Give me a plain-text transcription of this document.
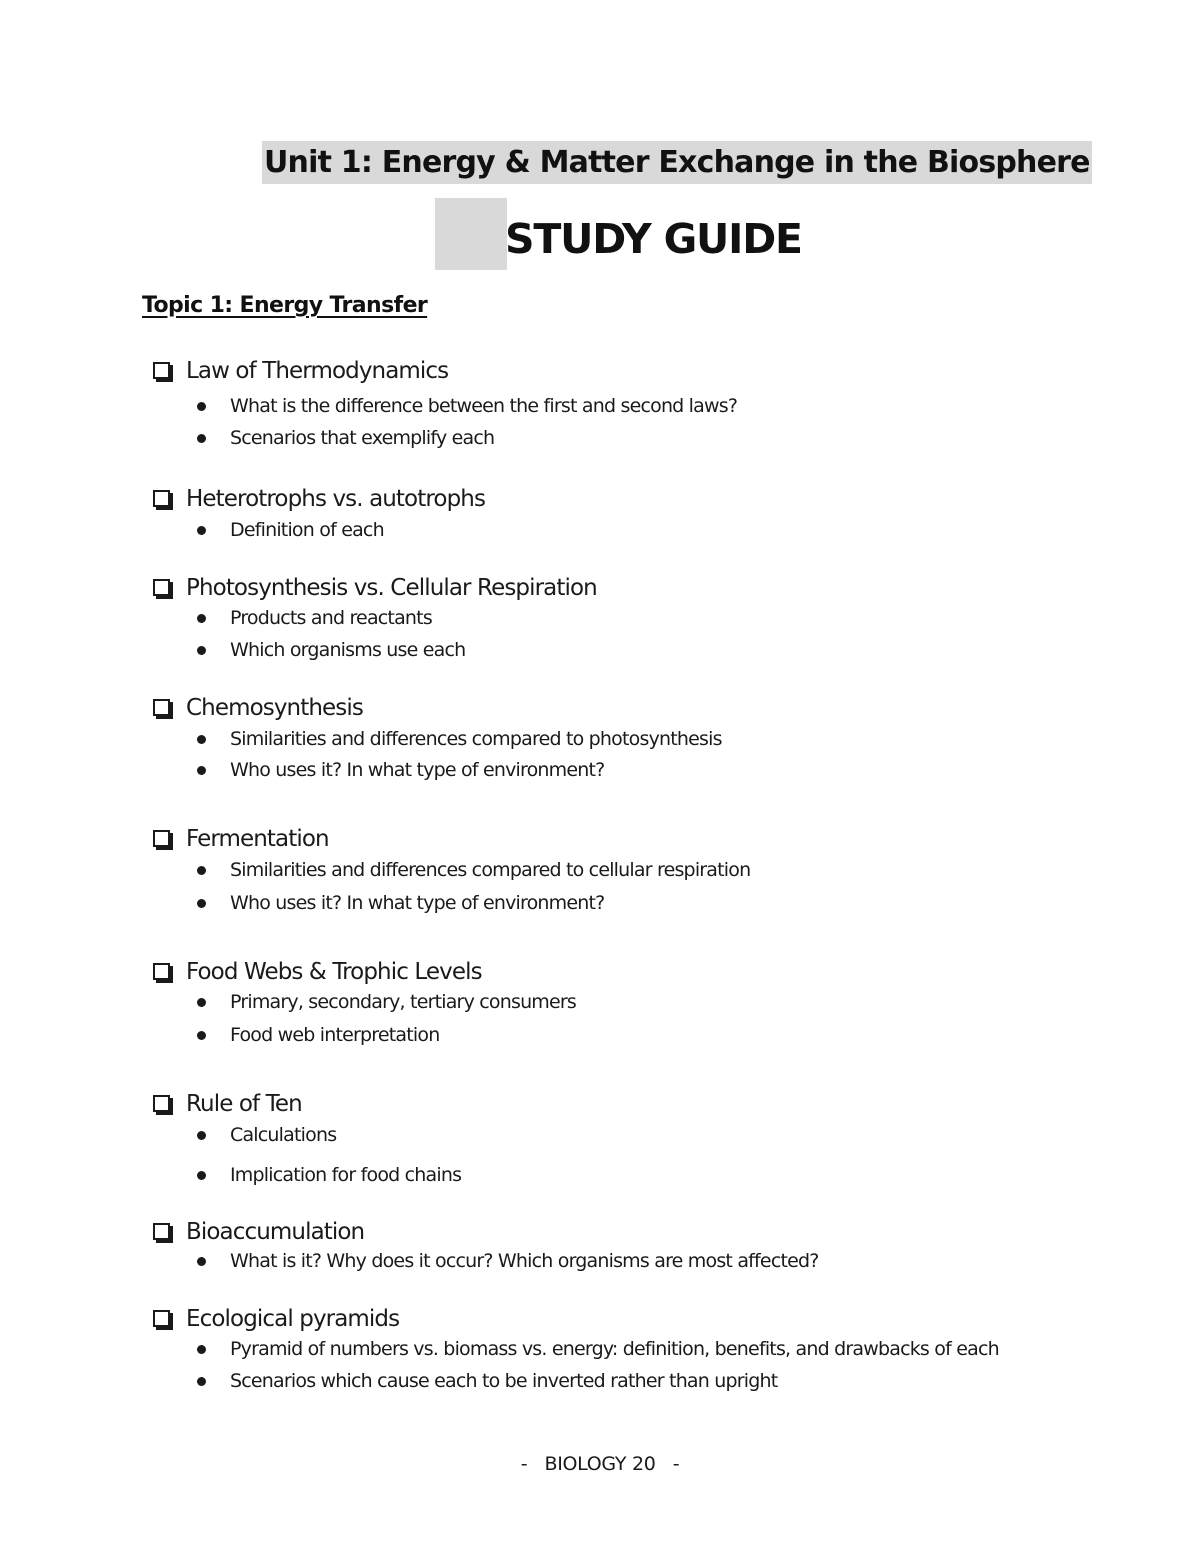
Unit 1: Energy & Matter Exchange in the Biosphere
STUDY GUIDE
Topic 1: Energy Transfer
Law of Thermodynamics
What is the difference between the first and second laws?
Scenarios that exemplify each
Heterotrophs vs. autotrophs
Definition of each
Photosynthesis vs. Cellular Respiration
Products and reactants
Which organisms use each
Chemosynthesis
Similarities and differences compared to photosynthesis
Who uses it? In what type of environment?
Fermentation
Similarities and differences compared to cellular respiration
Who uses it? In what type of environment?
Food Webs & Trophic Levels
Primary, secondary, tertiary consumers
Food web interpretation
Rule of Ten
Calculations
Implication for food chains
Bioaccumulation
What is it? Why does it occur? Which organisms are most affected?
Ecological pyramids
Pyramid of numbers vs. biomass vs. energy: definition, benefits, and drawbacks of each
Scenarios which cause each to be inverted rather than upright
-   BIOLOGY 20   -
